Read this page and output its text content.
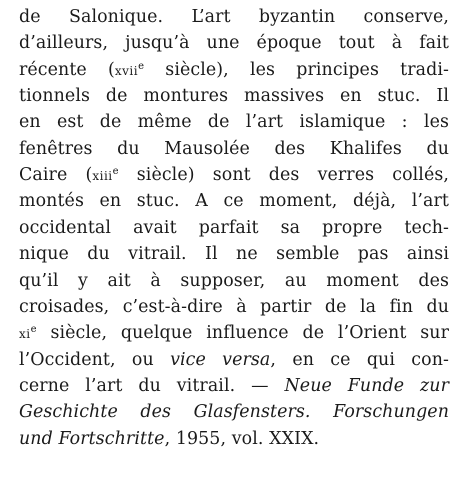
de Salonique. L’art byzantin conserve,
d’ailleurs, jusqu’à une époque tout à fait
récente (xvii$^e$ siècle), les principes tradi-
tionnels de montures massives en stuc. Il
en est de même de l’art islamique : les
fenêtres du Mausolée des Khalifes du
Caire (xiii$^e$ siècle) sont des verres collés,
montés en stuc. A ce moment, déjà, l’art
occidental avait parfait sa propre tech-
nique du vitrail. Il ne semble pas ainsi
qu’il y ait à supposer, au moment des
croisades, c’est-à-dire à partir de la fin du
$xi^e$ siècle, quelque influence de l’Orient sur
l’Occident, ou vice versa, en ce qui con-
cerne l’art du vitrail. — Neue Funde zur
Geschichte des Glasfensters. Forschungen
und Fortschritte, 1955, vol. XXIX.
